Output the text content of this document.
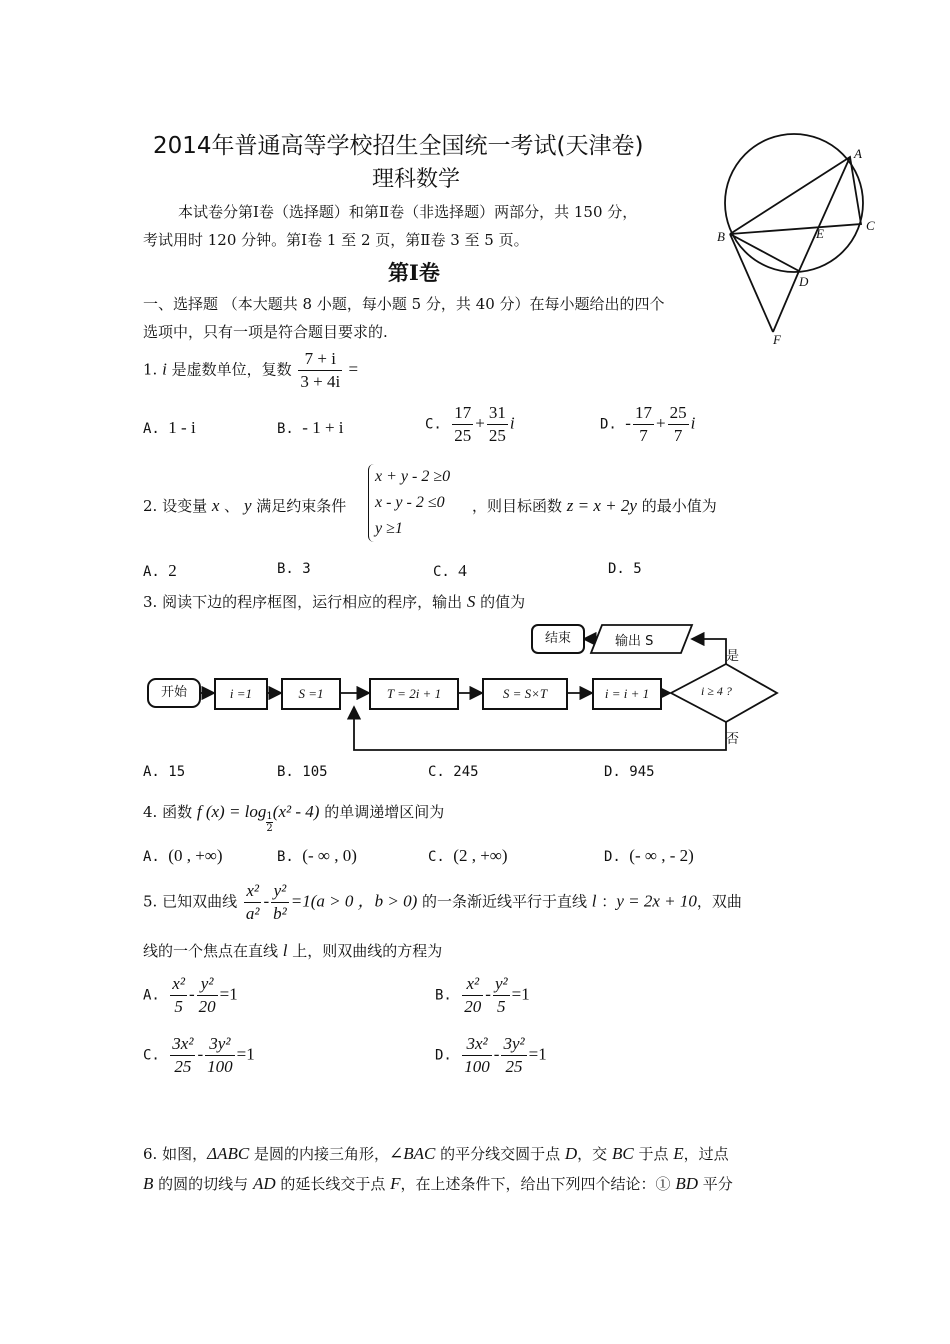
2014年普通高等学校招生全国统一考试(天津卷)
理科数学
本试卷分第Ⅰ卷（选择题）和第Ⅱ卷（非选择题）两部分，共 150 分，
考试用时 120 分钟。第Ⅰ卷 1 至 2 页，第Ⅱ卷 3 至 5 页。
第Ⅰ卷
一、选择题 （本大题共 8 小题，每小题 5 分，共 40 分）在每小题给出的四个
选项中，只有一项是符合题目要求的.
A
B
C
D
E
F
1. i 是虚数单位，复数 $\frac{7 + i}{3 + 4i}$ =
A. 1 - i	B. - 1 + i	C. $\frac{17}{25} + \frac{31}{25}$ i	D. - $\frac{17}{7} + \frac{25}{7}$ i
2. 设变量 x 、 y 满足约束条件
x + y - 2 ≥0
x - y - 2 ≤0
y ≥1
，则目标函数 z = x + 2y 的最小值为
A. 2	B. 3	C. 4	D. 5
3. 阅读下边的程序框图，运行相应的程序，输出 S 的值为
开始	i =1	S =1	T = 2i + 1	S = S×T	i = i + 1	i ≥ 4 ?
是
否
输出 S
结束
A. 15	B. 105	C. 245	D. 945
4. 函数 f $(x) = \log \frac{1}{2} (x^2 - 4)$ 的单调递增区间为
A. (0 , +∞)	B. (- ∞ , 0)	C. (2 , +∞)	D. (- ∞ , - 2)
5. 已知双曲线 $\frac{\text{x²}}{\text{a²}} - \frac{\text{y²}}{\text{b²}} =1(a > 0$ ，b > 0) 的一条渐近线平行于直线 l ：y = 2x + 10，双曲
线的一个焦点在直线 l 上，则双曲线的方程为
A. $\frac{\text{x²}}{5} - \frac{\text{y²}}{20} =1$	B. $\frac{\text{x²}}{20} - \frac{\text{y²}}{5} =1$
C. $\frac{\text{3x²}}{25} - \frac{\text{3y²}}{100} =1$	D. $\frac{\text{3x²}}{100} - \frac{\text{3y²}}{25} =1$
6. 如图，ΔABC 是圆的内接三角形，∠BAC 的平分线交圆于点 D，交 BC 于点 E，过点
B 的圆的切线与 AD 的延长线交于点 F，在上述条件下，给出下列四个结论：① BD 平分
